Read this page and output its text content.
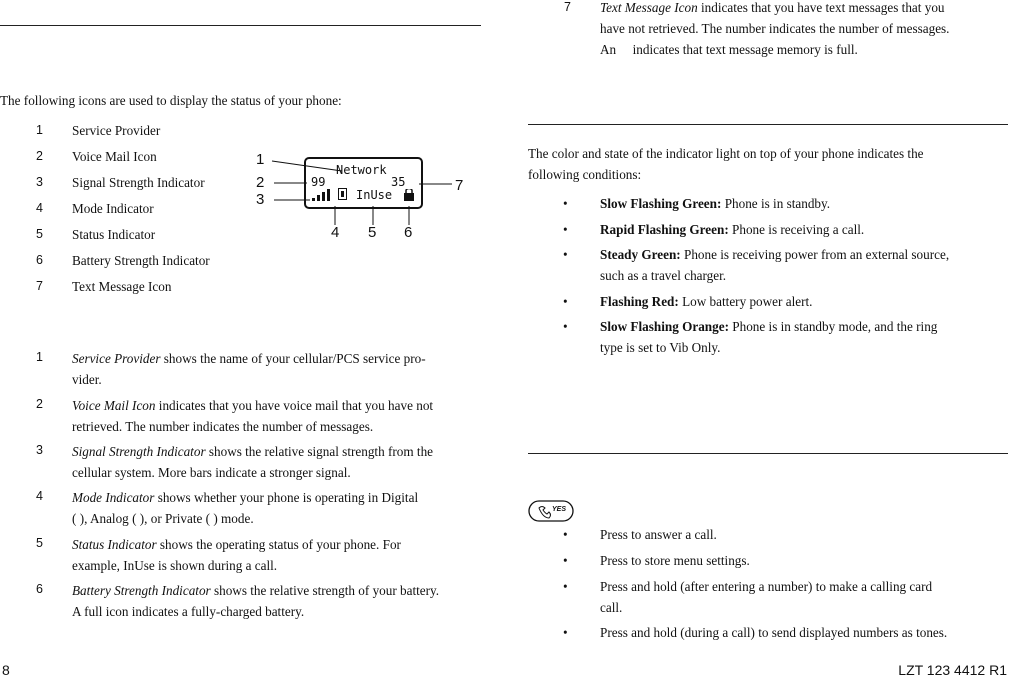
The following icons are used to display the status of your phone:
1 Service Provider
2 Voice Mail Icon
3 Signal Strength Indicator
4 Mode Indicator
5 Status Indicator
6 Battery Strength Indicator
7 Text Message Icon
Network
99	35
InUse
1
2
3
4 5 6
7
1 Service Provider shows the name of your cellular/PCS service pro-
vider.
2 Voice Mail Icon indicates that you have voice mail that you have not
retrieved. The number indicates the number of messages.
3 Signal Strength Indicator shows the relative signal strength from the
cellular system. More bars indicate a stronger signal.
4 Mode Indicator shows whether your phone is operating in Digital
( ), Analog ( ), or Private ( ) mode.
5 Status Indicator shows the operating status of your phone. For
example, InUse is shown during a call.
6 Battery Strength Indicator shows the relative strength of your battery.
A full icon indicates a fully-charged battery.
7 Text Message Icon indicates that you have text messages that you
have not retrieved. The number indicates the number of messages.
An     indicates that text message memory is full.
The color and state of the indicator light on top of your phone indicates the
following conditions:
• Slow Flashing Green: Phone is in standby.
• Rapid Flashing Green: Phone is receiving a call.
• Steady Green: Phone is receiving power from an external source,
such as a travel charger.
• Flashing Red: Low battery power alert.
• Slow Flashing Orange: Phone is in standby mode, and the ring
type is set to Vib Only.
YES
• Press to answer a call.
• Press to store menu settings.
• Press and hold (after entering a number) to make a calling card
call.
• Press and hold (during a call) to send displayed numbers as tones.
8	LZT 123 4412 R1
